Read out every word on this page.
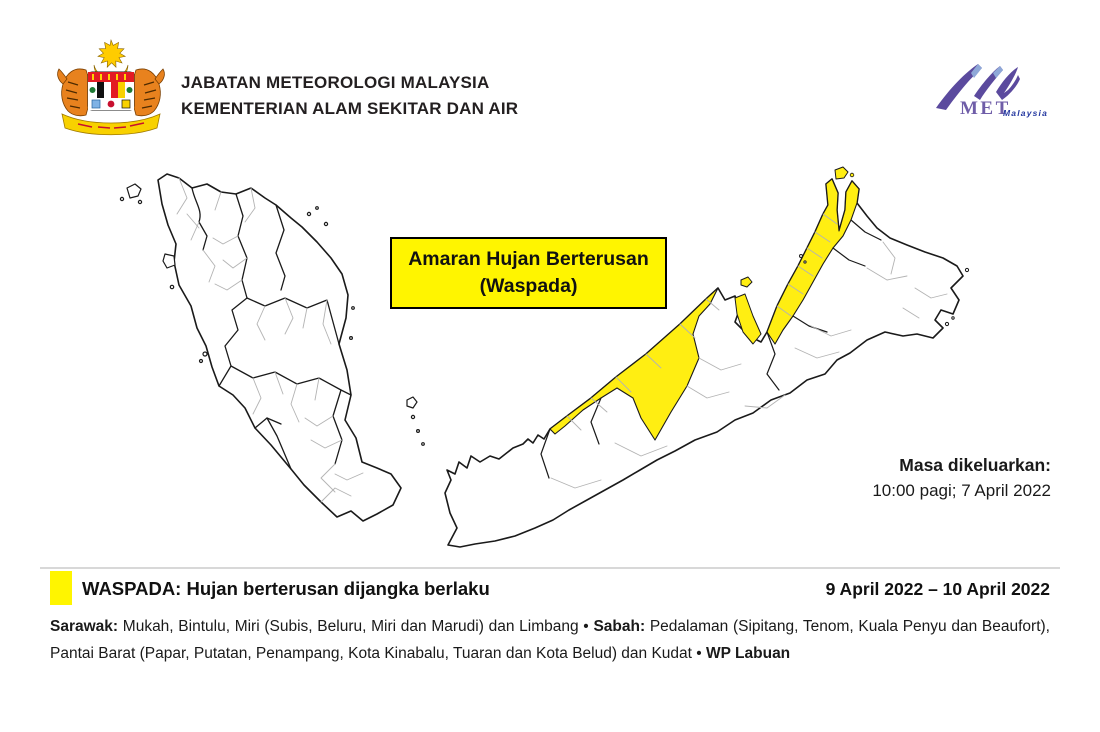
JABATAN METEOROLOGI MALAYSIA
KEMENTERIAN ALAM SEKITAR DAN AIR	MET
Malaysia
Amaran Hujan Berterusan
(Waspada)
Masa dikeluarkan:
10:00 pagi; 7 April 2022
WASPADA: Hujan berterusan dijangka berlaku	9 April 2022 – 10 April 2022

Sarawak: Mukah, Bintulu, Miri (Subis, Beluru, Miri dan Marudi) dan Limbang • Sabah: Pedalaman (Sipitang, Tenom, Kuala Penyu dan Beaufort), Pantai Barat (Papar, Putatan, Penampang, Kota Kinabalu, Tuaran dan Kota Belud) dan Kudat • WP Labuan
